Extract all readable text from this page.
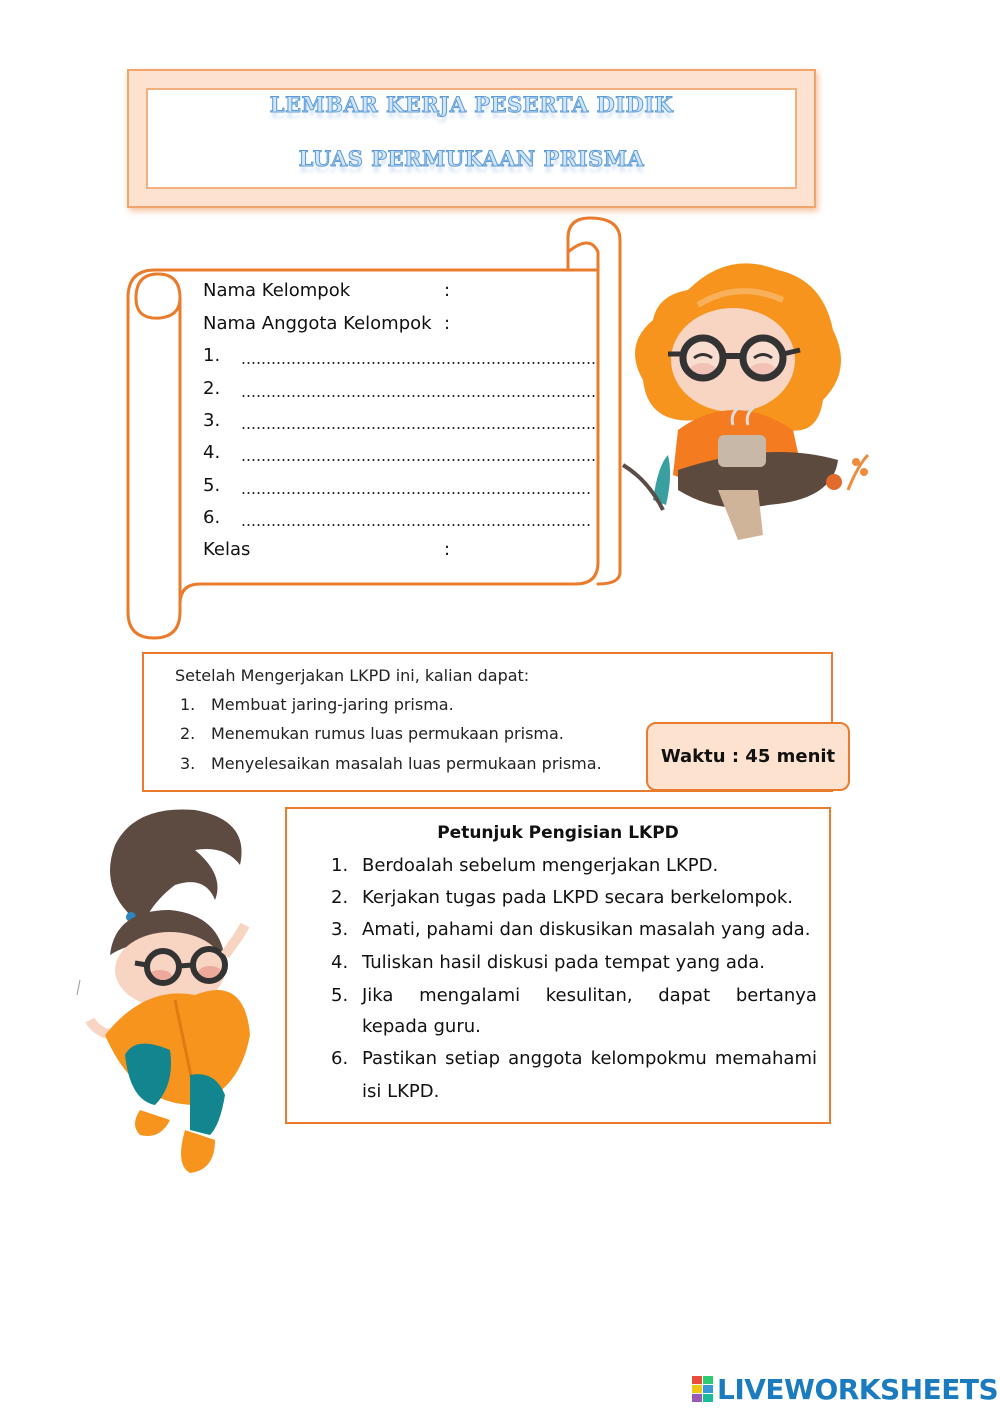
LEMBAR KERJA PESERTA DIDIK
LUAS PERMUKAAN PRISMA
Nama Kelompok	:
Nama Anggota Kelompok :
1.
2.
3.
4.
5.
6.
Kelas	:
Setelah Mengerjakan LKPD ini, kalian dapat:
1. Membuat jaring-jaring prisma.
2. Menemukan rumus luas permukaan prisma.
3. Menyelesaikan masalah luas permukaan prisma.	Waktu : 45 menit
Petunjuk Pengisian LKPD
1. Berdoalah sebelum mengerjakan LKPD.
2. Kerjakan tugas pada LKPD secara berkelompok.
3. Amati, pahami dan diskusikan masalah yang ada.
4. Tuliskan hasil diskusi pada tempat yang ada.
5. Jika mengalami kesulitan, dapat bertanya
kepada guru.
6. Pastikan setiap anggota kelompokmu memahami
isi LKPD.
LIVEWORKSHEETS
